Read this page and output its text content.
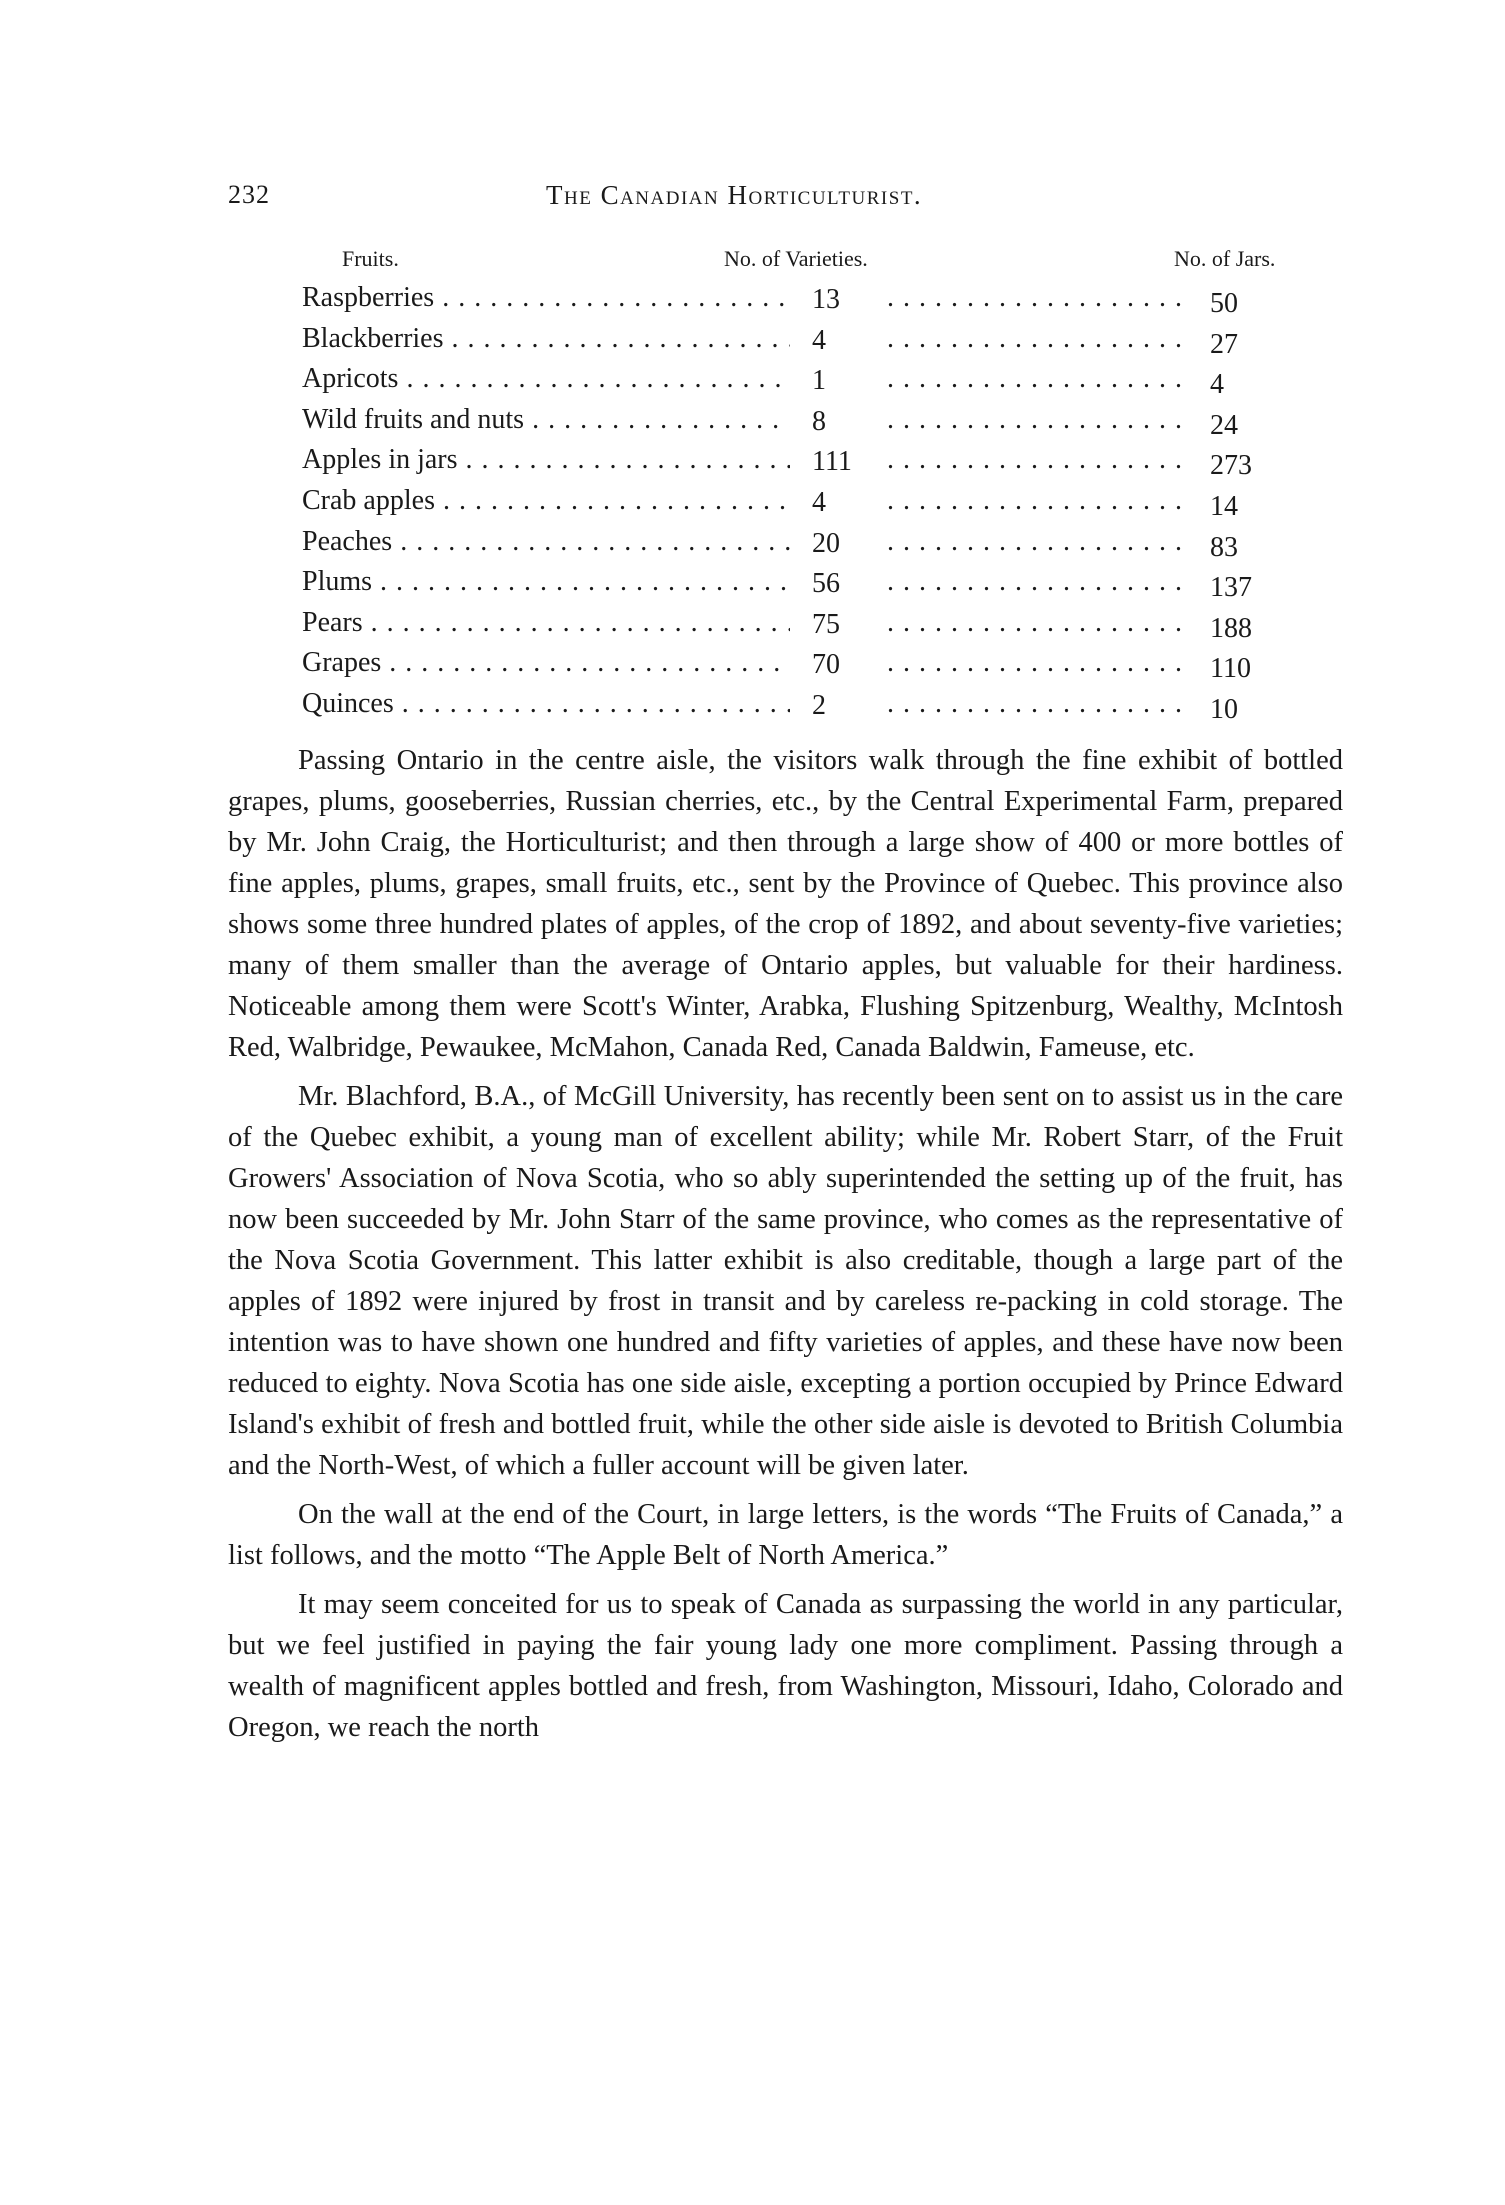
232	The Canadian Horticulturist.
Fruits.	No. of Varieties.	No. of Jars.
Raspberries . . .	13 . . .	50
Blackberries . . .	4 . . .	27
Apricots . . .	1 . . .	4
Wild fruits and nuts . . .	8 . . .	24
Apples in jars . . .	111 . . .	273
Crab apples . . .	4 . . .	14
Peaches . . .	20 . . .	83
Plums . . .	56 . . .	137
Pears . . .	75 . . .	188
Grapes . . .	70 . . .	110
Quinces . . .	2 . . .	10

Passing Ontario in the centre aisle, the visitors walk through the fine exhibit of bottled grapes, plums, gooseberries, Russian cherries, etc., by the Central Experimental Farm, prepared by Mr. John Craig, the Horticulturist; and then through a large show of 400 or more bottles of fine apples, plums, grapes, small fruits, etc., sent by the Province of Quebec. This province also shows some three hundred plates of apples, of the crop of 1892, and about seventy-five varieties; many of them smaller than the average of Ontario apples, but valuable for their hardiness. Noticeable among them were Scott's Winter, Arabka, Flushing Spitzenburg, Wealthy, McIntosh Red, Walbridge, Pewaukee, McMahon, Canada Red, Canada Baldwin, Fameuse, etc.

Mr. Blachford, B.A., of McGill University, has recently been sent on to assist us in the care of the Quebec exhibit, a young man of excellent ability; while Mr. Robert Starr, of the Fruit Growers' Association of Nova Scotia, who so ably superintended the setting up of the fruit, has now been succeeded by Mr. John Starr of the same province, who comes as the representative of the Nova Scotia Government. This latter exhibit is also creditable, though a large part of the apples of 1892 were injured by frost in transit and by careless re-packing in cold storage. The intention was to have shown one hundred and fifty varieties of apples, and these have now been reduced to eighty. Nova Scotia has one side aisle, excepting a portion occupied by Prince Edward Island's exhibit of fresh and bottled fruit, while the other side aisle is devoted to British Columbia and the North-West, of which a fuller account will be given later.

On the wall at the end of the Court, in large letters, is the words “The Fruits of Canada,” a list follows, and the motto “The Apple Belt of North America.”

It may seem conceited for us to speak of Canada as surpassing the world in any particular, but we feel justified in paying the fair young lady one more compliment. Passing through a wealth of magnificent apples bottled and fresh, from Washington, Missouri, Idaho, Colorado and Oregon, we reach the north
